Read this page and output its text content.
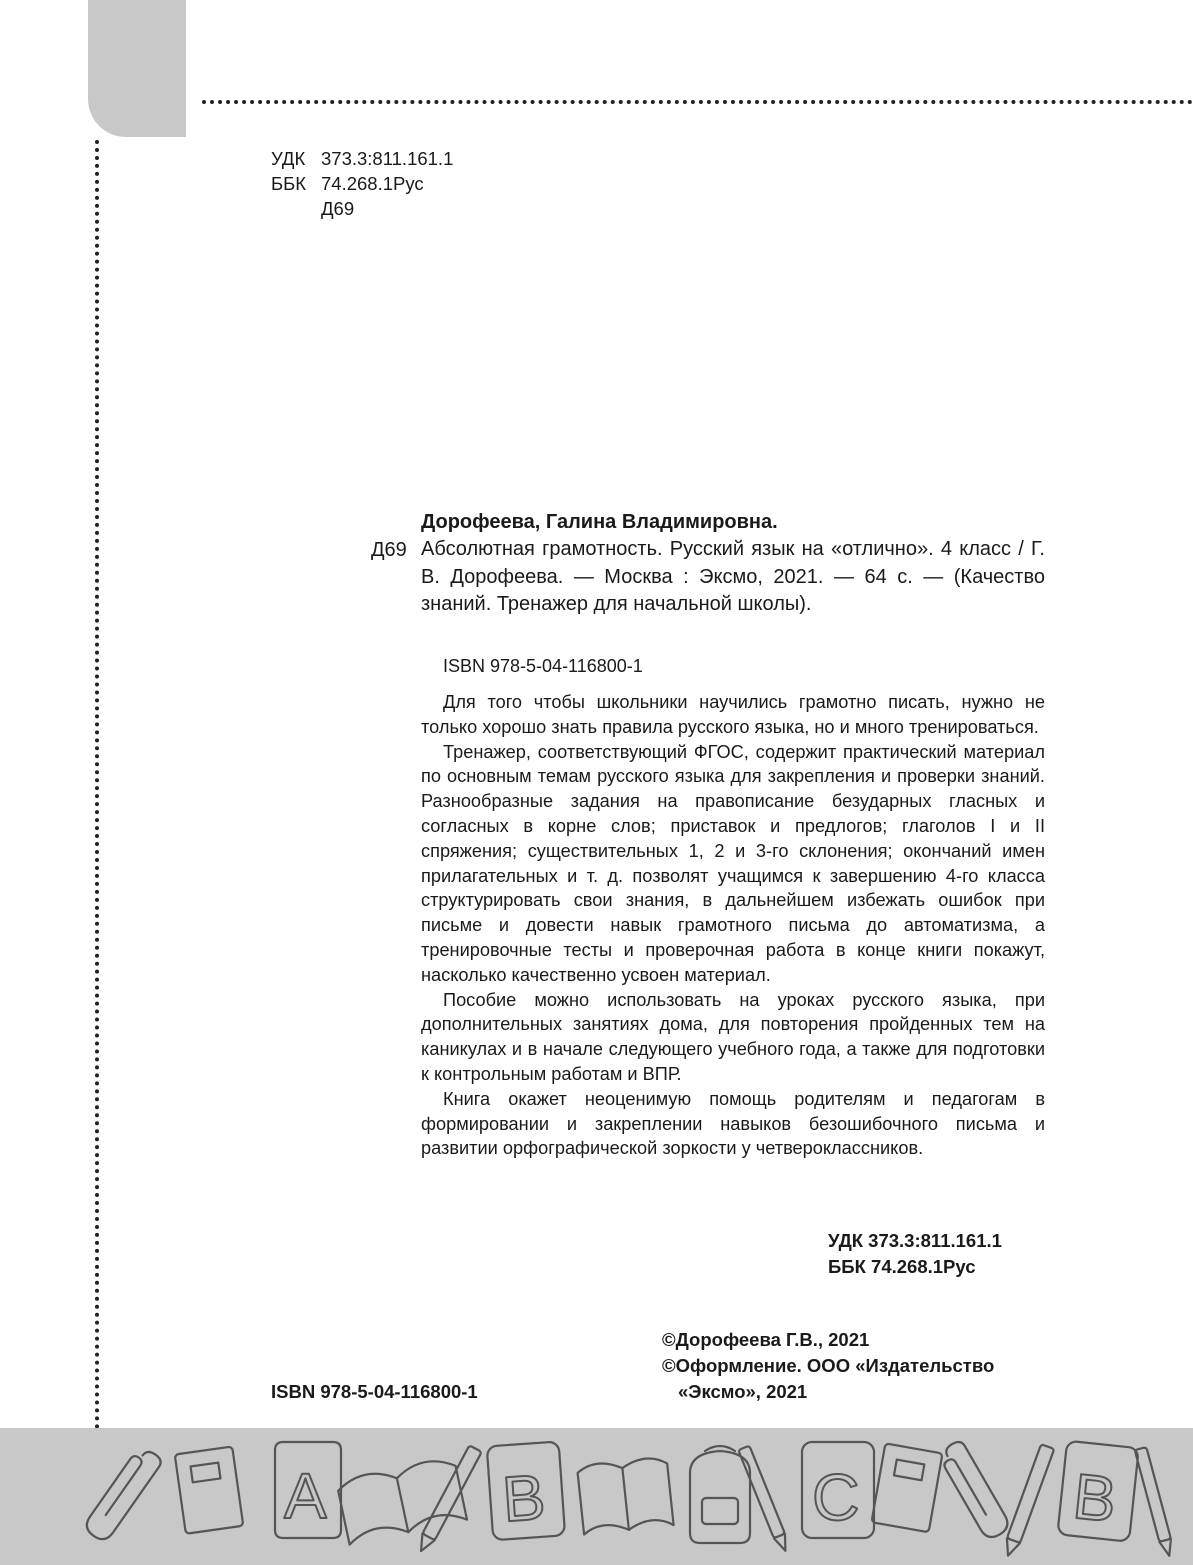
УДК 373.3:811.161.1
ББК 74.268.1Рус
Д69
Дорофеева, Галина Владимировна.
Д69 Абсолютная грамотность. Русский язык на «отлично». 4 класс / Г. В. Дорофеева. — Москва : Эксмо, 2021. — 64 с. — (Качество знаний. Тренажер для начальной школы).
ISBN 978-5-04-116800-1

Для того чтобы школьники научились грамотно писать, нужно не только хорошо знать правила русского языка, но и много тренироваться.

Тренажер, соответствующий ФГОС, содержит практический материал по основным темам русского языка для закрепления и проверки знаний. Разнообразные задания на правописание безударных гласных и согласных в корне слов; приставок и предлогов; глаголов I и II спряжения; существительных 1, 2 и 3-го склонения; окончаний имен прилагательных и т. д. позволят учащимся к завершению 4-го класса структурировать свои знания, в дальнейшем избежать ошибок при письме и довести навык грамотного письма до автоматизма, а тренировочные тесты и проверочная работа в конце книги покажут, насколько качественно усвоен материал.

Пособие можно использовать на уроках русского языка, при дополнительных занятиях дома, для повторения пройденных тем на каникулах и в начале следующего учебного года, а также для подготовки к контрольным работам и ВПР.

Книга окажет неоценимую помощь родителям и педагогам в формировании и закреплении навыков безошибочного письма и развитии орфографической зоркости у четвероклассников.

УДК 373.3:811.161.1
ББК 74.268.1Рус
©Дорофеева Г.В., 2021
©Оформление. ООО «Издательство
«Эксмо», 2021
ISBN 978-5-04-116800-1
A	B	C	B
